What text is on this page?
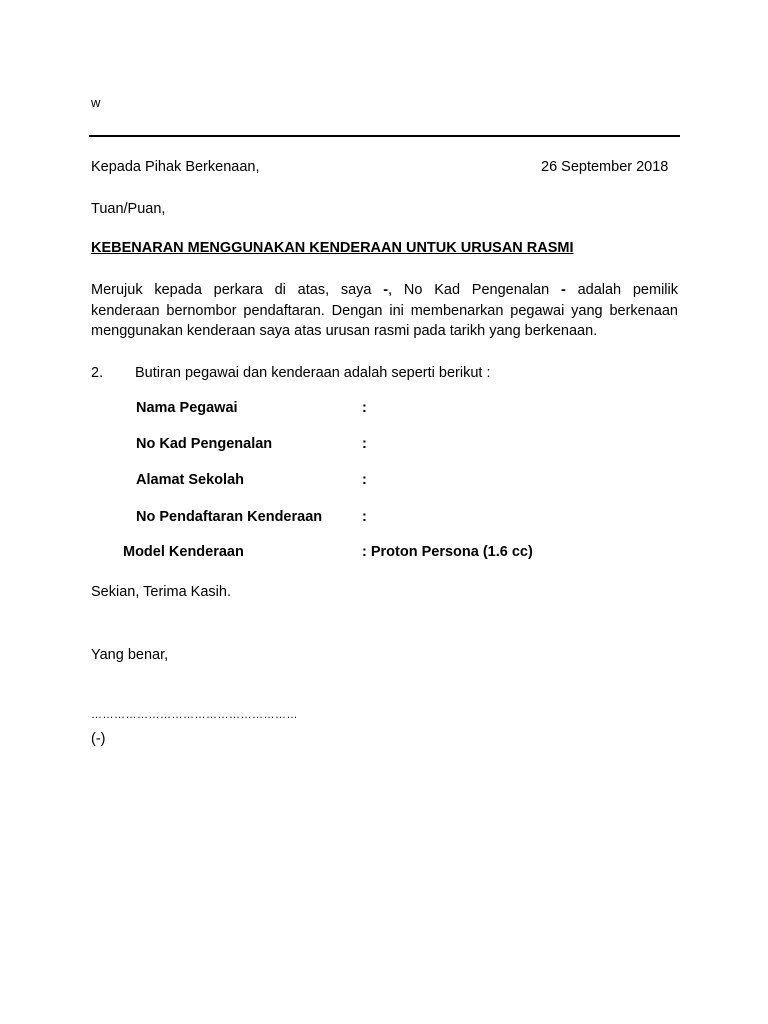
w
Kepada Pihak Berkenaan,	26 September 2018
Tuan/Puan,
KEBENARAN MENGGUNAKAN KENDERAAN UNTUK URUSAN RASMI
Merujuk kepada perkara di atas, saya -, No Kad Pengenalan - adalah pemilik
kenderaan bernombor pendaftaran. Dengan ini membenarkan pegawai yang berkenaan
menggunakan kenderaan saya atas urusan rasmi pada tarikh yang berkenaan.
2. Butiran pegawai dan kenderaan adalah seperti berikut :
Nama Pegawai	:
No Kad Pengenalan	:
Alamat Sekolah	:
No Pendaftaran Kenderaan	:
Model Kenderaan	: Proton Persona (1.6 cc)
Sekian, Terima Kasih.
Yang benar,
………………………………………………
(-)
